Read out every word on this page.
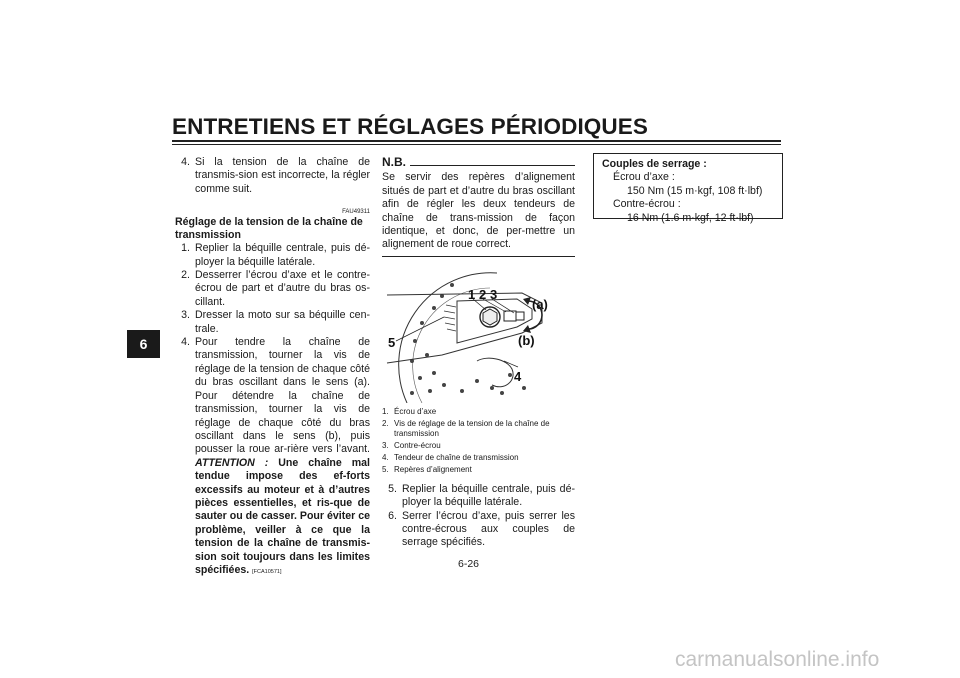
ENTRETIENS ET RÉGLAGES PÉRIODIQUES
6
4. Si la tension de la chaîne de transmis-sion est incorrecte, la régler comme suit.
FAU49311
Réglage de la tension de la chaîne de transmission
1. Replier la béquille centrale, puis dé-ployer la béquille latérale.
2. Desserrer l’écrou d’axe et le contre-écrou de part et d’autre du bras os-cillant.
3. Dresser la moto sur sa béquille cen-trale.
4. Pour tendre la chaîne de transmission, tourner la vis de réglage de la tension de chaque côté du bras oscillant dans le sens (a). Pour détendre la chaîne de transmission, tourner la vis de réglage de chaque côté du bras oscillant dans le sens (b), puis pousser la roue ar-rière vers l’avant. ATTENTION : Une chaîne mal tendue impose des ef-forts excessifs au moteur et à d’autres pièces essentielles, et ris-que de sauter ou de casser. Pour éviter ce problème, veiller à ce que la tension de la chaîne de transmis-sion soit toujours dans les limites spécifiées. [FCA10571]
N.B.
Se servir des repères d’alignement situés de part et d’autre du bras oscillant afin de régler les deux tendeurs de chaîne de trans-mission de façon identique, et donc, de per-mettre un alignement de roue correct.
1 2 3
4
5
(a)
(b)
1. Écrou d’axe
2. Vis de réglage de la tension de la chaîne de transmission
3. Contre-écrou
4. Tendeur de chaîne de transmission
5. Repères d’alignement
5. Replier la béquille centrale, puis dé-ployer la béquille latérale.
6. Serrer l’écrou d’axe, puis serrer les contre-écrous aux couples de serrage spécifiés.
Couples de serrage :
Écrou d’axe :
150 Nm (15 m·kgf, 108 ft·lbf)
Contre-écrou :
16 Nm (1.6 m·kgf, 12 ft·lbf)
6-26
carmanualsonline.info
